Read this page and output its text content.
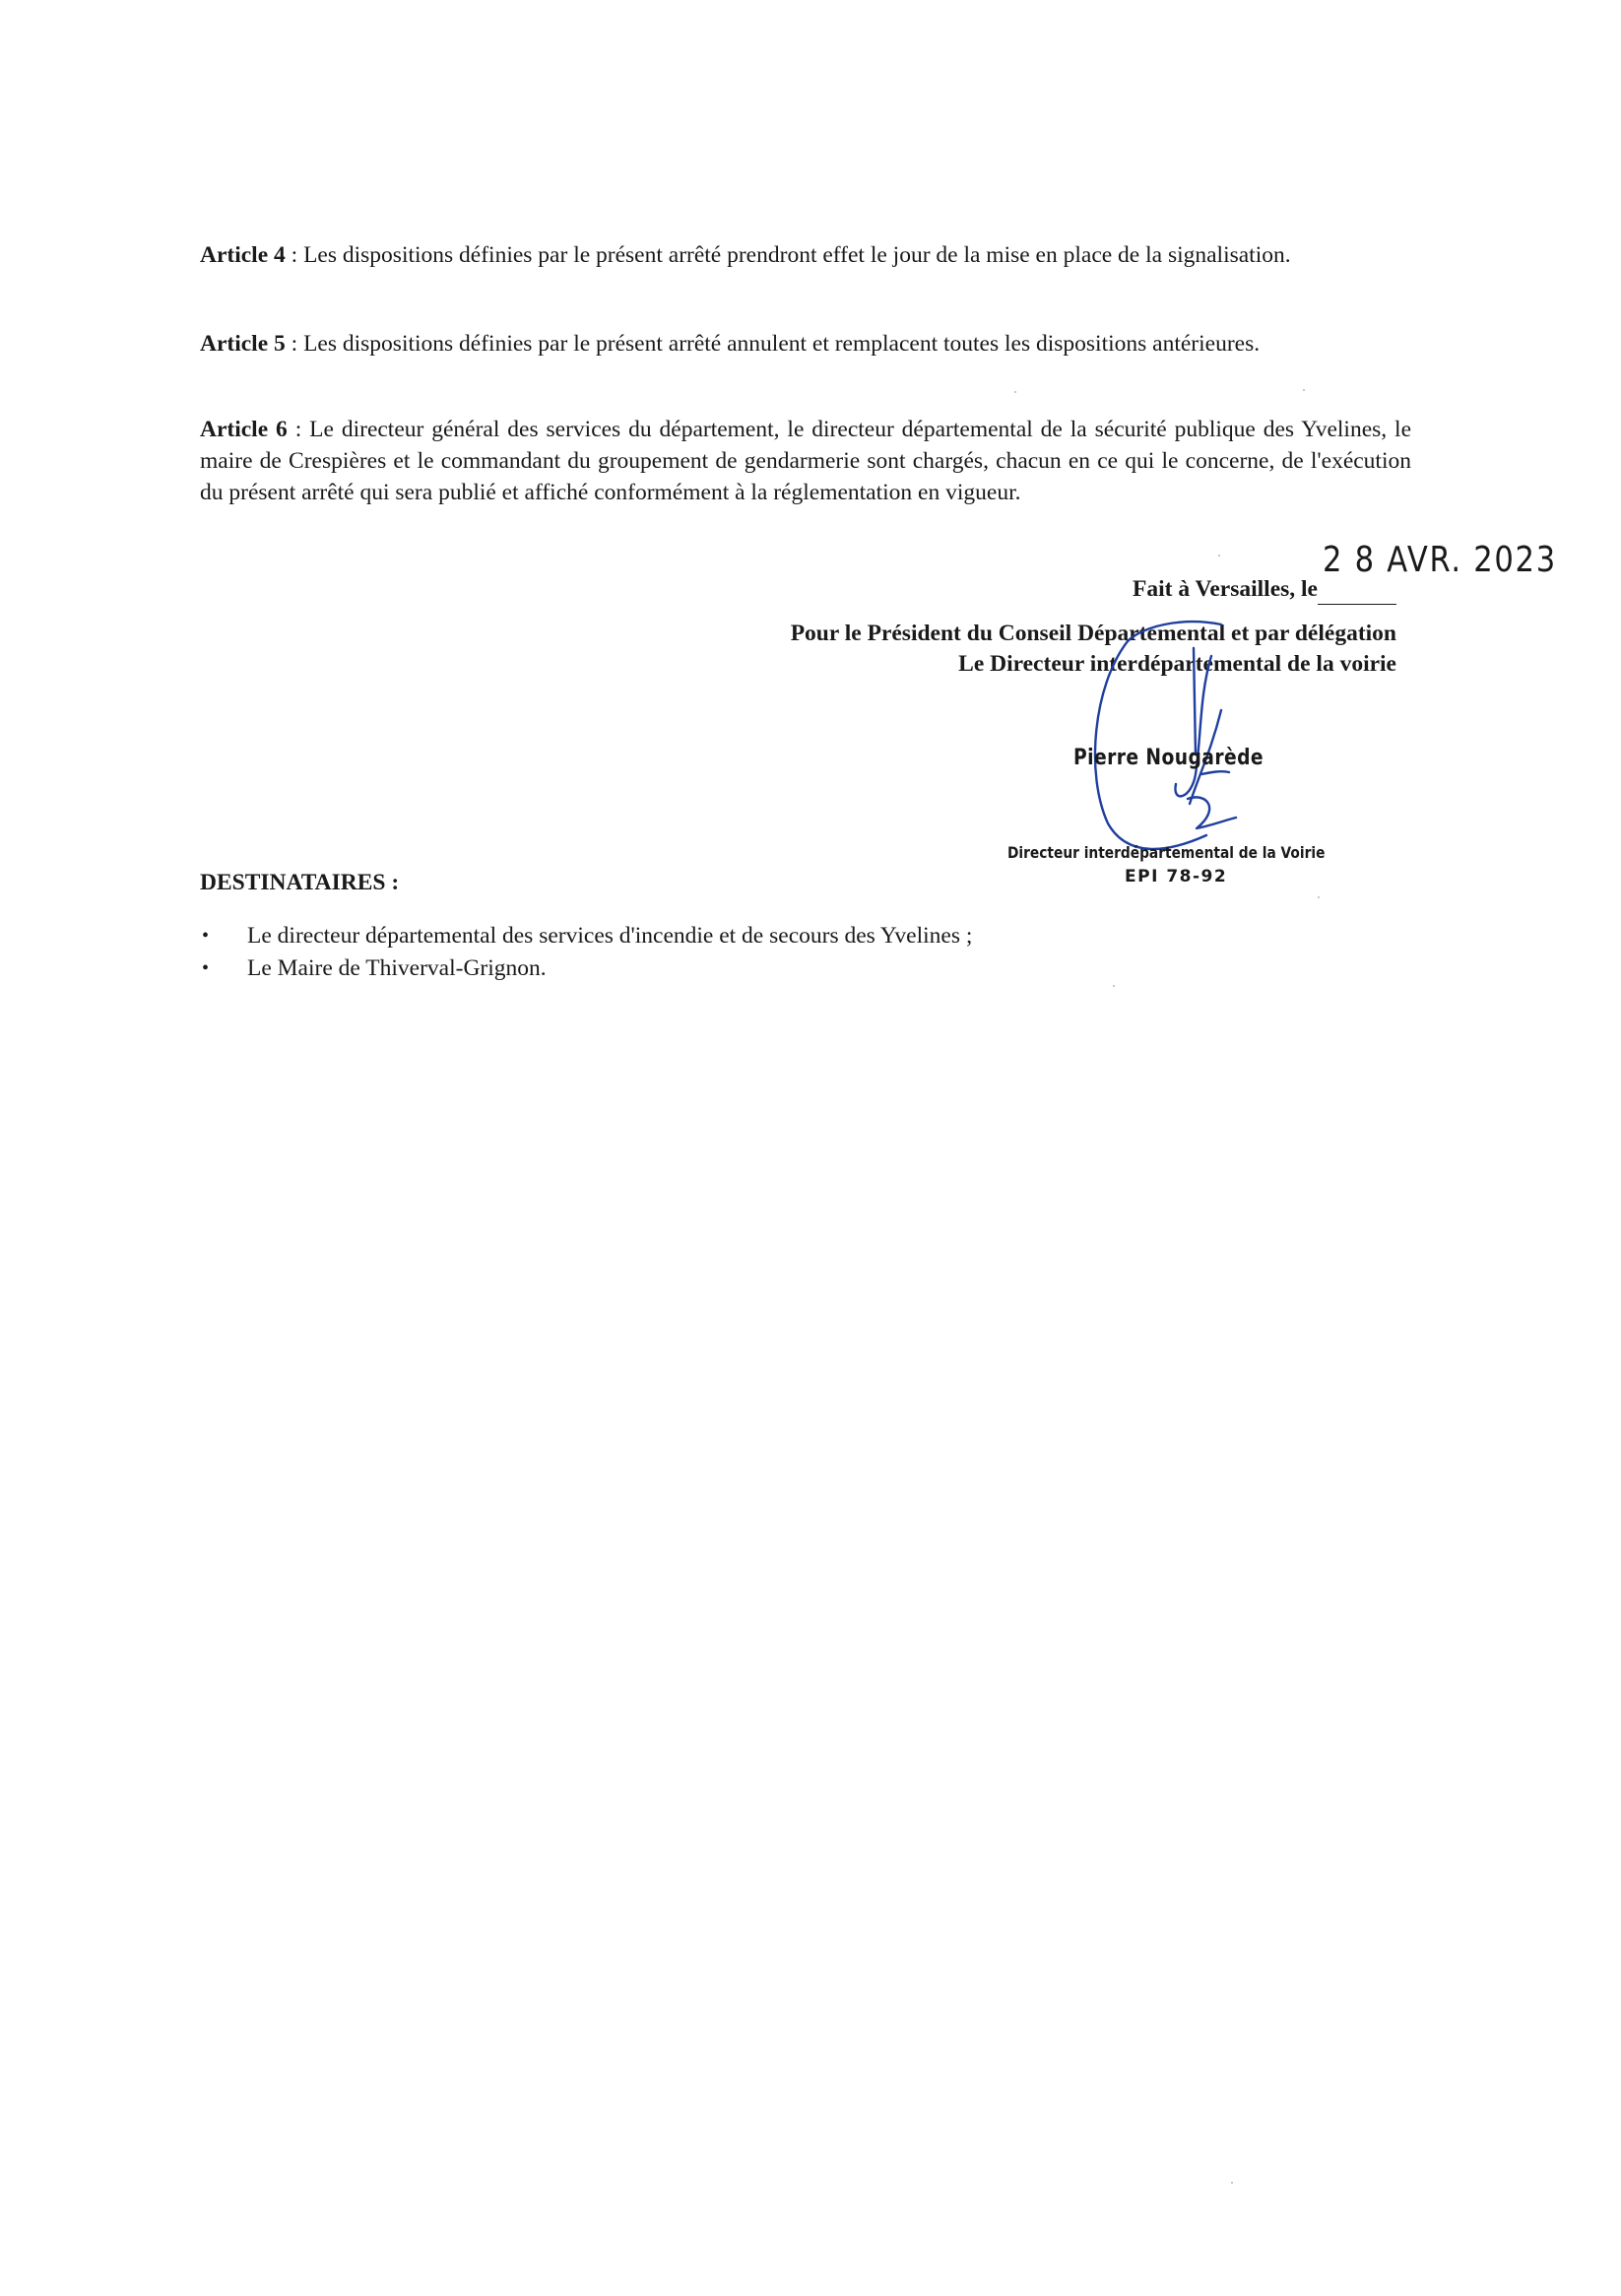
Article 4 : Les dispositions définies par le présent arrêté prendront effet le jour de la mise en place de la signalisation.
Article 5 : Les dispositions définies par le présent arrêté annulent et remplacent toutes les dispositions antérieures.
Article 6 : Le directeur général des services du département, le directeur départemental de la sécurité publique des Yvelines, le maire de Crespières et le commandant du groupement de gendarmerie sont chargés, chacun en ce qui le concerne, de l'exécution du présent arrêté qui sera publié et affiché conformément à la réglementation en vigueur.
Fait à Versailles, le
2 8 AVR. 2023
Pour le Président du Conseil Départemental et par délégation
Le Directeur interdépartemental de la voirie
Pierre Nougarède
Directeur interdépartemental de la Voirie
EPI 78-92
DESTINATAIRES :
• Le directeur départemental des services d'incendie et de secours des Yvelines ;
• Le Maire de Thiverval-Grignon.
